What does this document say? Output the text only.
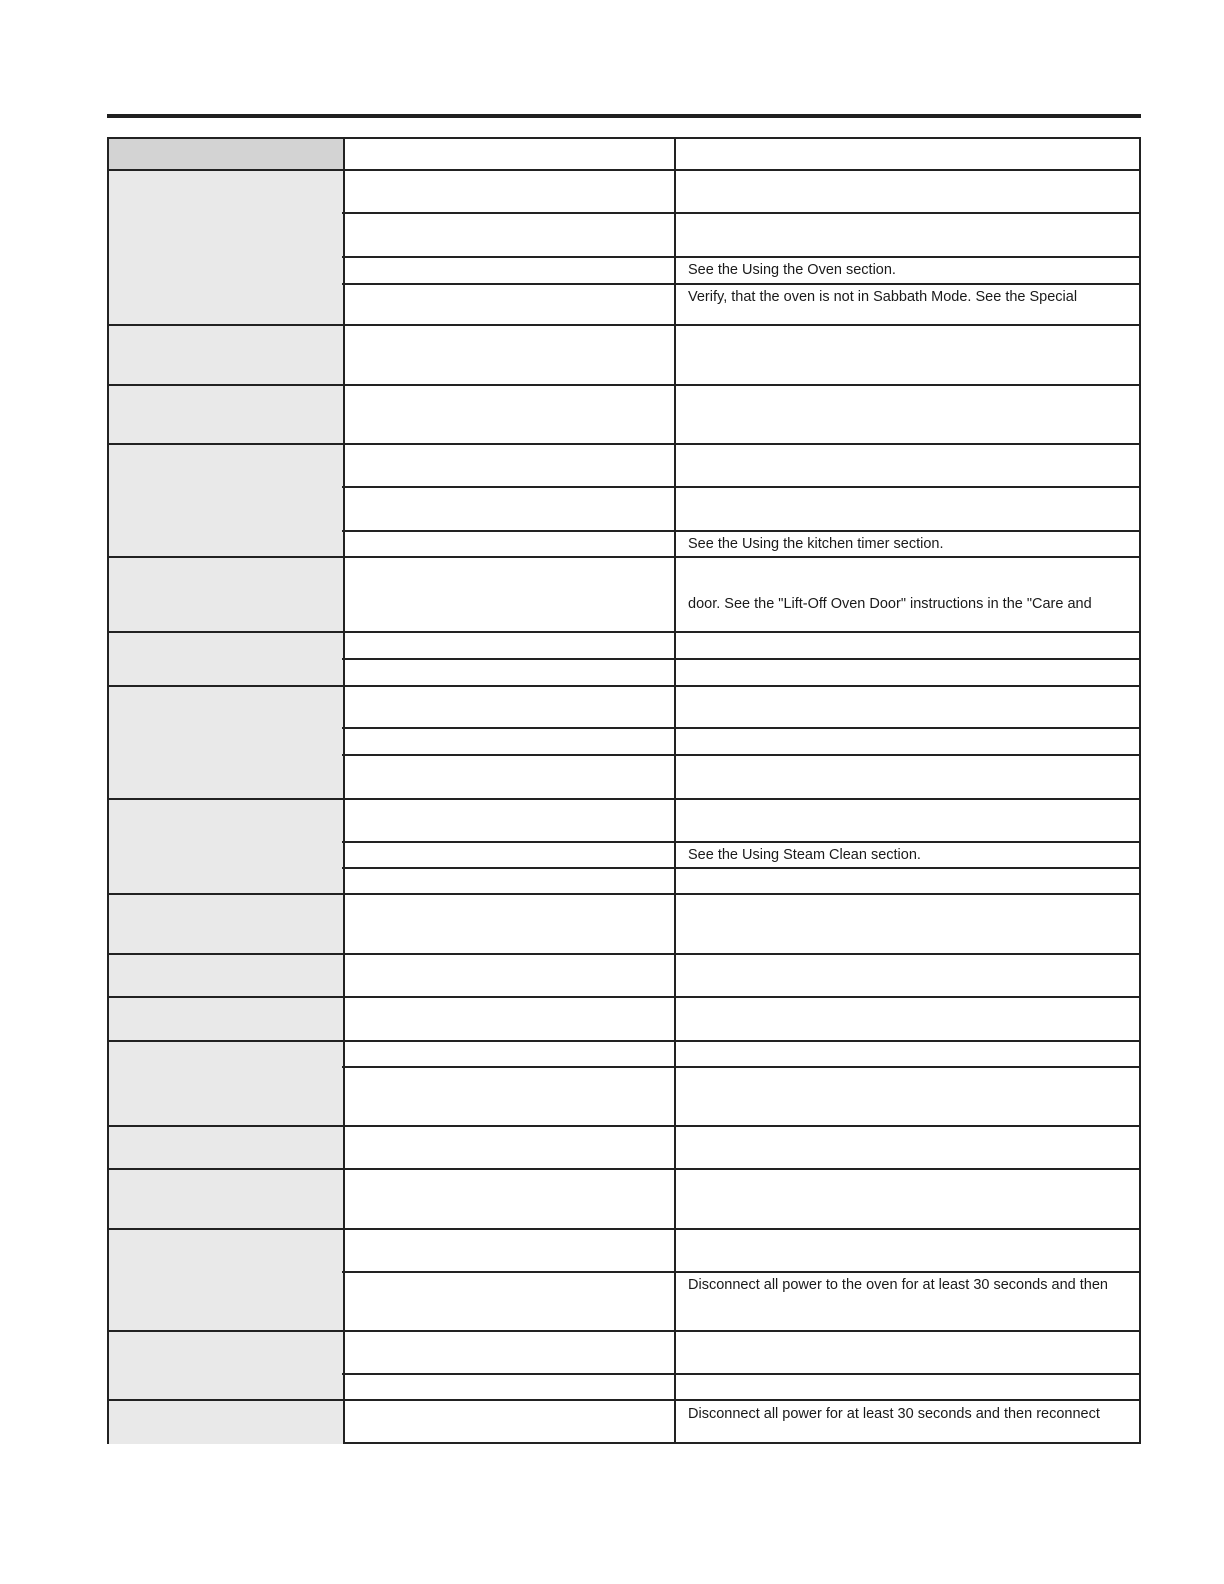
See the Using the Oven section.
Verify, that the oven is not in Sabbath Mode. See the Special
See the Using the kitchen timer section.
door. See the "Lift-Off Oven Door" instructions in the "Care and
See the Using Steam Clean section.
Disconnect all power to the oven for at least 30 seconds and then
Disconnect all power for at least 30 seconds and then reconnect
